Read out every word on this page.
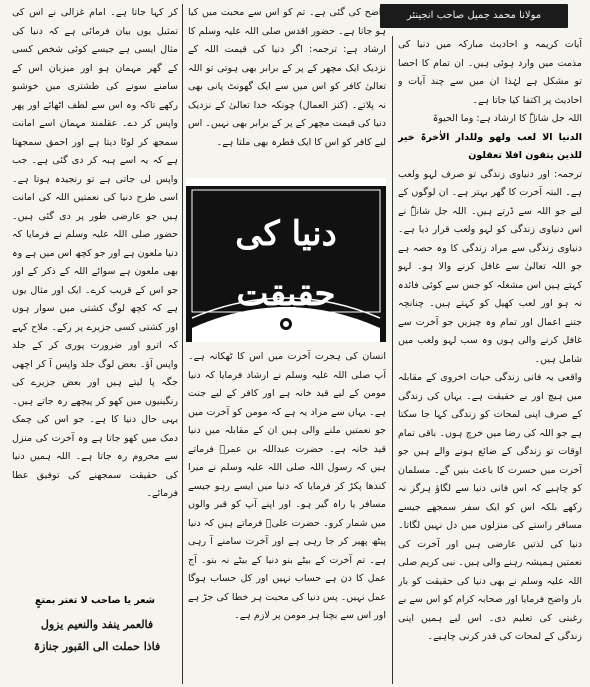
مولانا محمد جمیل صاحب انجینئر

آیات کریمہ و احادیث مبارکہ میں دنیا کی مذمت میں وارد ہوئی ہیں۔ ان تمام کا احصا تو مشکل ہے لہٰذا ان میں سے چند آیات و احادیث پر اکتفا کیا جاتا ہے۔

اللہ جل شانہٗ کا ارشاد ہے: وما الحیوۃ

الدنیا الا لعب ولھو وللدار الاٰخرۃ خیر للذین یتقون افلا تعقلون

ترجمہ: اور دنیاوی زندگی تو صرف لہو ولعب ہے۔ البتہ آخرت کا گھر بہتر ہے۔ ان لوگوں کے لیے جو اللہ سے ڈرتے ہیں۔ اللہ جل شانہٗ نے اس دنیاوی زندگی کو لہو ولعب قرار دیا ہے۔ دنیاوی زندگی سے مراد زندگی کا وہ حصہ ہے جو اللہ تعالیٰ سے غافل کرنے والا ہو۔ لہو کہتے ہیں اس مشغلہ کو جس سے کوئی فائدہ نہ ہو اور لعب کھیل کو کہتے ہیں۔ چنانچہ جتنے اعمال اور تمام وہ چیزیں جو آخرت سے غافل کرنے والی ہوں وہ سب لہو ولعب میں شامل ہیں۔

واقعی یہ فانی زندگی حیات اخروی کے مقابلہ میں ہیچ اور بے حقیقت ہے۔ یہاں کی زندگی کے صرف اپنی لمحات کو زندگی کہا جا سکتا ہے جو اللہ کی رضا میں خرچ ہوں۔ باقی تمام اوقات تو زندگی کے ضائع ہونے والے ہیں جو آخرت میں حسرت کا باعث بنیں گے۔ مسلمان کو چاہیے کہ اس فانی دنیا سے لگاؤ ہرگز نہ رکھے بلکہ اس کو ایک سفر سمجھے جیسے مسافر راستے کی منزلوں میں دل نہیں لگاتا۔ دنیا کی لذتیں عارضی ہیں اور آخرت کی نعمتیں ہمیشہ رہنے والی ہیں۔ نبی کریم صلی اللہ علیہ وسلم نے بھی دنیا کی حقیقت کو بار بار واضح فرمایا اور صحابہ کرام کو اس سے بے رغبتی کی تعلیم دی۔ اس لیے ہمیں اپنی زندگی کے لمحات کی قدر کرنی چاہیے۔

واضح کی گئی ہے۔ تم کو اس سے محبت میں کیا ہو جاتا ہے۔ حضور اقدس صلی اللہ علیہ وسلم کا ارشاد ہے: ترجمہ: اگر دنیا کی قیمت اللہ کے نزدیک ایک مچھر کے پر کے برابر بھی ہوتی تو اللہ تعالیٰ کافر کو اس میں سے ایک گھونٹ پانی بھی نہ پلاتے۔ (کنز العمال) چونکہ خدا تعالیٰ کے نزدیک دنیا کی قیمت مچھر کے پر کے برابر بھی نہیں۔ اس لیے کافر کو اس کا ایک قطرہ بھی ملتا ہے۔

دنیا کی حقیقت

انسان کی ہجرت آخرت میں اس کا ٹھکانہ ہے۔ آپ صلی اللہ علیہ وسلم نے ارشاد فرمایا کہ دنیا مومن کے لیے قید خانہ ہے اور کافر کے لیے جنت ہے۔ یہاں سے مراد یہ ہے کہ مومن کو آخرت میں جو نعمتیں ملنے والی ہیں ان کے مقابلہ میں دنیا قید خانہ ہے۔ حضرت عبداللہ بن عمرؓ فرماتے ہیں کہ رسول اللہ صلی اللہ علیہ وسلم نے میرا کندھا پکڑ کر فرمایا کہ دنیا میں ایسے رہو جیسے مسافر یا راہ گیر ہو۔ اور اپنے آپ کو قبر والوں میں شمار کرو۔ حضرت علیؓ فرماتے ہیں کہ دنیا پیٹھ پھیر کر جا رہی ہے اور آخرت سامنے آ رہی ہے۔ تم آخرت کے بیٹے بنو دنیا کے بیٹے نہ بنو۔ آج عمل کا دن ہے حساب نہیں اور کل حساب ہوگا عمل نہیں۔ پس دنیا کی محبت ہر خطا کی جڑ ہے اور اس سے بچنا ہر مومن پر لازم ہے۔

کر کہا جاتا ہے۔ امام غزالی نے اس کی تمثیل یوں بیان فرمائی ہے کہ دنیا کی مثال ایسی ہے جیسے کوئی شخص کسی کے گھر مہمان ہو اور میزبان اس کے سامنے سونے کی طشتری میں خوشبو رکھے تاکہ وہ اس سے لطف اٹھائے اور پھر واپس کر دے۔ عقلمند مہمان اسے امانت سمجھ کر لوٹا دیتا ہے اور احمق سمجھتا ہے کہ یہ اسے ہبہ کر دی گئی ہے۔ جب واپس لی جاتی ہے تو رنجیدہ ہوتا ہے۔ اسی طرح دنیا کی نعمتیں اللہ کی امانت ہیں جو عارضی طور پر دی گئی ہیں۔ حضور صلی اللہ علیہ وسلم نے فرمایا کہ دنیا ملعون ہے اور جو کچھ اس میں ہے وہ بھی ملعون ہے سوائے اللہ کے ذکر کے اور جو اس کے قریب کرے۔ ایک اور مثال یوں ہے کہ کچھ لوگ کشتی میں سوار ہوں اور کشتی کسی جزیرے پر رکے۔ ملاح کہے کہ اترو اور ضرورت پوری کر کے جلد واپس آؤ۔ بعض لوگ جلد واپس آ کر اچھی جگہ پا لیتے ہیں اور بعض جزیرے کی رنگینیوں میں کھو کر پیچھے رہ جاتے ہیں۔ یہی حال دنیا کا ہے۔ جو اس کی چمک دمک میں کھو جاتا ہے وہ آخرت کی منزل سے محروم رہ جاتا ہے۔ اللہ ہمیں دنیا کی حقیقت سمجھنے کی توفیق عطا فرمائے۔

شعر یا صاحب لا تغتر بمتعٍ

فالعمر ینفد والنعیم یزول
فاذا حملت الی القبور جنازۃ
